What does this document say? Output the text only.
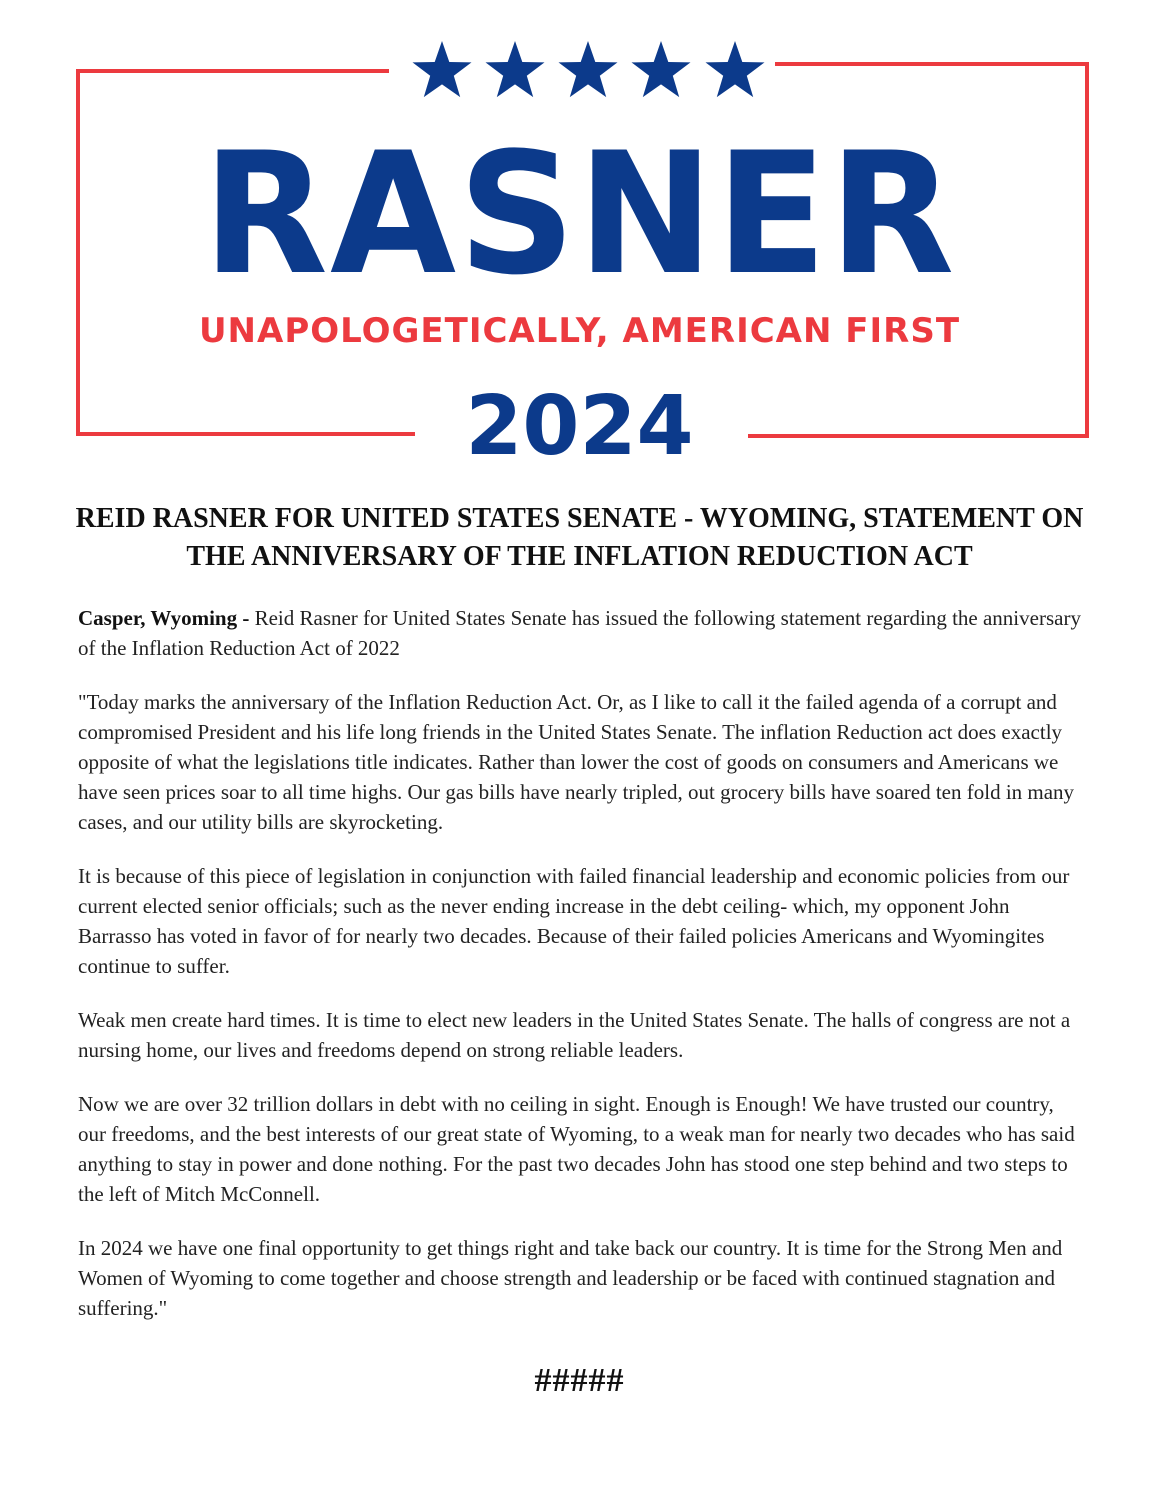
RASNER
UNAPOLOGETICALLY, AMERICAN FIRST
2024
REID RASNER FOR UNITED STATES SENATE - WYOMING, STATEMENT ON THE ANNIVERSARY OF THE INFLATION REDUCTION ACT

Casper, Wyoming - Reid Rasner for United States Senate has issued the following statement regarding the anniversary of the Inflation Reduction Act of 2022

"Today marks the anniversary of the Inflation Reduction Act. Or, as I like to call it the failed agenda of a corrupt and compromised President and his life long friends in the United States Senate. The inflation Reduction act does exactly opposite of what the legislations title indicates. Rather than lower the cost of goods on consumers and Americans we have seen prices soar to all time highs. Our gas bills have nearly tripled, out grocery bills have soared ten fold in many cases, and our utility bills are skyrocketing.

It is because of this piece of legislation in conjunction with failed financial leadership and economic policies from our current elected senior officials; such as the never ending increase in the debt ceiling- which, my opponent John Barrasso has voted in favor of for nearly two decades. Because of their failed policies Americans and Wyomingites continue to suffer.

Weak men create hard times. It is time to elect new leaders in the United States Senate. The halls of congress are not a nursing home, our lives and freedoms depend on strong reliable leaders.

Now we are over 32 trillion dollars in debt with no ceiling in sight. Enough is Enough! We have trusted our country, our freedoms, and the best interests of our great state of Wyoming, to a weak man for nearly two decades who has said anything to stay in power and done nothing. For the past two decades John has stood one step behind and two steps to the left of Mitch McConnell.

In 2024 we have one final opportunity to get things right and take back our country. It is time for the Strong Men and Women of Wyoming to come together and choose strength and leadership or be faced with continued stagnation and suffering."

#####
